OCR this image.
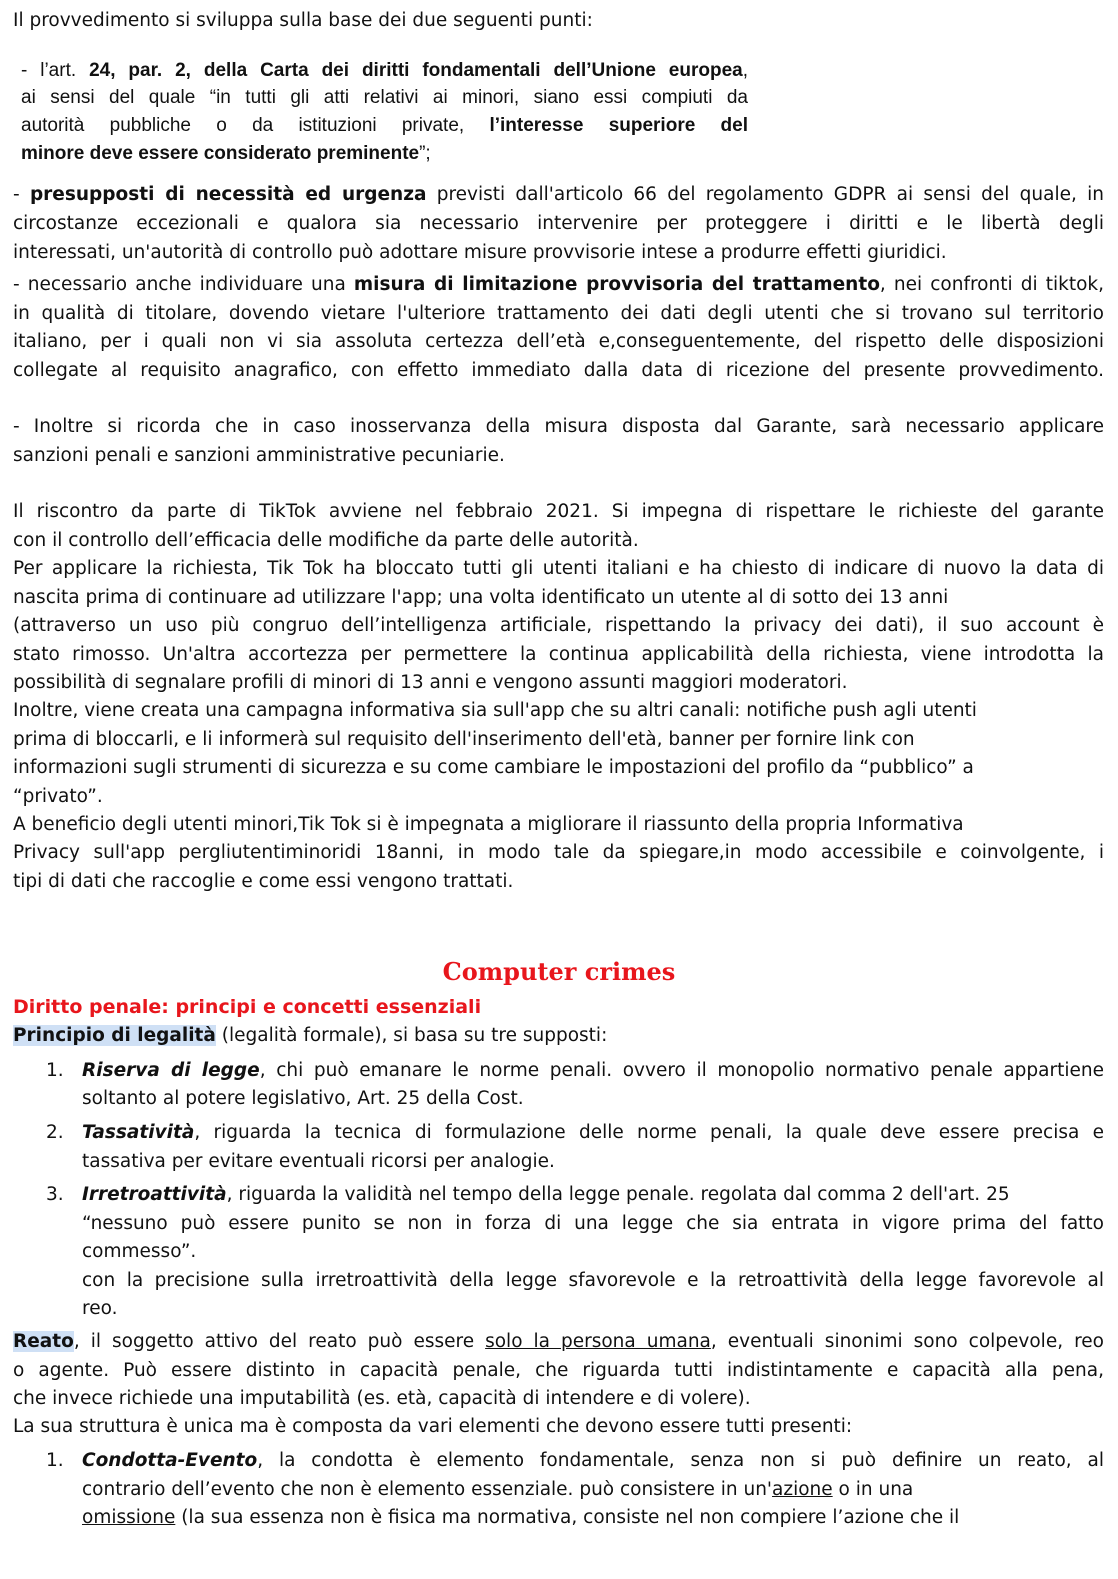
Il provvedimento si sviluppa sulla base dei due seguenti punti:
- l’art. 24, par. 2, della Carta dei diritti fondamentali dell’Unione europea,
ai sensi del quale “in tutti gli atti relativi ai minori, siano essi compiuti da
autorità pubbliche o da istituzioni private, l’interesse superiore del
minore deve essere considerato preminente”;
- presupposti di necessità ed urgenza previsti dall'articolo 66 del regolamento GDPR ai sensi del quale, in
circostanze eccezionali e qualora sia necessario intervenire per proteggere i diritti e le libertà degli
interessati, un'autorità di controllo può adottare misure provvisorie intese a produrre effetti giuridici.
- necessario anche individuare una misura di limitazione provvisoria del trattamento, nei confronti di tiktok,
in qualità di titolare, dovendo vietare l'ulteriore trattamento dei dati degli utenti che si trovano sul territorio
italiano, per i quali non vi sia assoluta certezza dell’età e,conseguentemente, del rispetto delle disposizioni
collegate al requisito anagrafico, con effetto immediato dalla data di ricezione del presente provvedimento.
- Inoltre si ricorda che in caso inosservanza della misura disposta dal Garante, sarà necessario applicare
sanzioni penali e sanzioni amministrative pecuniarie.
Il riscontro da parte di TikTok avviene nel febbraio 2021. Si impegna di rispettare le richieste del garante
con il controllo dell’efficacia delle modifiche da parte delle autorità.
Per applicare la richiesta, Tik Tok ha bloccato tutti gli utenti italiani e ha chiesto di indicare di nuovo la data di
nascita prima di continuare ad utilizzare l'app; una volta identificato un utente al di sotto dei 13 anni
(attraverso un uso più congruo dell’intelligenza artificiale, rispettando la privacy dei dati), il suo account è
stato rimosso. Un'altra accortezza per permettere la continua applicabilità della richiesta, viene introdotta la
possibilità di segnalare profili di minori di 13 anni e vengono assunti maggiori moderatori.
Inoltre, viene creata una campagna informativa sia sull'app che su altri canali: notifiche push agli utenti
prima di bloccarli, e li informerà sul requisito dell'inserimento dell'età, banner per fornire link con
informazioni sugli strumenti di sicurezza e su come cambiare le impostazioni del profilo da “pubblico” a
“privato”.
A beneficio degli utenti minori,Tik Tok si è impegnata a migliorare il riassunto della propria Informativa
Privacy sull'app pergliutentiminoridi 18anni, in modo tale da spiegare,in modo accessibile e coinvolgente, i
tipi di dati che raccoglie e come essi vengono trattati.
Computer crimes
Diritto penale: principi e concetti essenziali
Principio di legalità (legalità formale), si basa su tre supposti:
1. Riserva di legge, chi può emanare le norme penali. ovvero il monopolio normativo penale appartiene
soltanto al potere legislativo, Art. 25 della Cost.
2. Tassatività, riguarda la tecnica di formulazione delle norme penali, la quale deve essere precisa e
tassativa per evitare eventuali ricorsi per analogie.
3. Irretroattività, riguarda la validità nel tempo della legge penale. regolata dal comma 2 dell'art. 25
“nessuno può essere punito se non in forza di una legge che sia entrata in vigore prima del fatto
commesso”.
con la precisione sulla irretroattività della legge sfavorevole e la retroattività della legge favorevole al
reo.
Reato, il soggetto attivo del reato può essere solo la persona umana, eventuali sinonimi sono colpevole, reo
o agente. Può essere distinto in capacità penale, che riguarda tutti indistintamente e capacità alla pena,
che invece richiede una imputabilità (es. età, capacità di intendere e di volere).
La sua struttura è unica ma è composta da vari elementi che devono essere tutti presenti:
1. Condotta-Evento, la condotta è elemento fondamentale, senza non si può definire un reato, al
contrario dell’evento che non è elemento essenziale. può consistere in un'azione o in una
omissione (la sua essenza non è fisica ma normativa, consiste nel non compiere l’azione che il
